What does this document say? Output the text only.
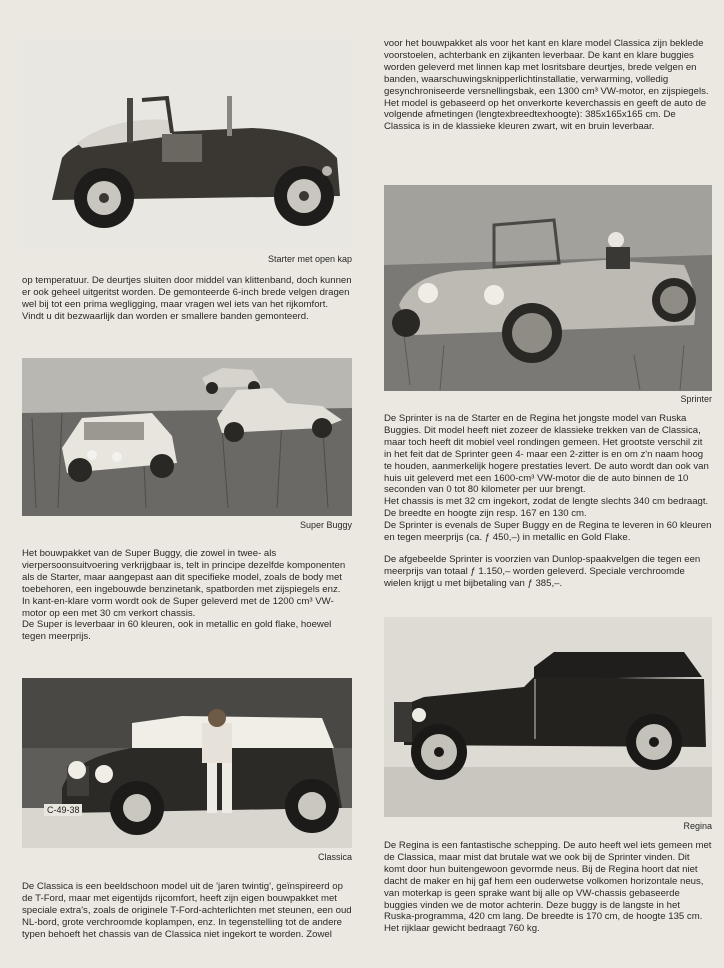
Starter met open kap

op temperatuur. De deurtjes sluiten door middel van klittenband, doch kunnen er ook geheel uitgeritst worden. De gemonteerde 6-inch brede velgen dragen wel bij tot een prima wegligging, maar vragen wel iets van het rijkomfort. Vindt u dit bezwaarlijk dan worden er smallere banden gemonteerd.

Super Buggy

Het bouwpakket van de Super Buggy, die zowel in twee- als vierpersoonsuitvoering verkrijgbaar is, telt in principe dezelfde komponenten als de Starter, maar aangepast aan dit specifieke model, zoals de body met toebehoren, een ingebouwde benzinetank, spatborden met zijspiegels enz.

In kant-en-klare vorm wordt ook de Super geleverd met de 1200 cm³ VW-motor op een met 30 cm verkort chassis.

De Super is leverbaar in 60 kleuren, ook in metallic en gold flake, hoewel tegen meerprijs.

C-49-38
Classica

De Classica is een beeldschoon model uit de 'jaren twintig', geïnspireerd op de T-Ford, maar met eigentijds rijcomfort, heeft zijn eigen bouwpakket met speciale extra's, zoals de originele T-Ford-achterlichten met steunen, een oud NL-bord, grote verchroomde koplampen, enz. In tegenstelling tot de andere typen behoeft het chassis van de Classica niet ingekort te worden. Zowel

voor het bouwpakket als voor het kant en klare model Classica zijn beklede voorstoelen, achterbank en zijkanten leverbaar. De kant en klare buggies worden geleverd met linnen kap met losritsbare deurtjes, brede velgen en banden, waarschuwingsknipperlichtinstallatie, verwarming, volledig gesynchroniseerde versnellingsbak, een 1300 cm³ VW-motor, en zijspiegels.

Het model is gebaseerd op het onverkorte keverchassis en geeft de auto de volgende afmetingen (lengtexbreedtexhoogte): 385x165x165 cm. De Classica is in de klassieke kleuren zwart, wit en bruin leverbaar.

Sprinter

De Sprinter is na de Starter en de Regina het jongste model van Ruska Buggies. Dit model heeft niet zozeer de klassieke trekken van de Classica, maar toch heeft dit mobiel veel rondingen gemeen. Het grootste verschil zit in het feit dat de Sprinter geen 4- maar een 2-zitter is en om z'n naam hoog te houden, aanmerkelijk hogere prestaties levert. De auto wordt dan ook van huis uit geleverd met een 1600-cm³ VW-motor die de auto binnen de 10 seconden van 0 tot 80 kilometer per uur brengt.

Het chassis is met 32 cm ingekort, zodat de lengte slechts 340 cm bedraagt. De breedte en hoogte zijn resp. 167 en 130 cm.

De Sprinter is evenals de Super Buggy en de Regina te leveren in 60 kleuren en tegen meerprijs (ca. ƒ 450,–) in metallic en Gold Flake.

De afgebeelde Sprinter is voorzien van Dunlop-spaakvelgen die tegen een meerprijs van totaal ƒ 1.150,– worden geleverd. Speciale verchroomde wielen krijgt u met bijbetaling van ƒ 385,–.

Regina

De Regina is een fantastische schepping. De auto heeft wel iets gemeen met de Classica, maar mist dat brutale wat we ook bij de Sprinter vinden. Dit komt door hun buitengewoon gevormde neus. Bij de Regina hoort dat niet dacht de maker en hij gaf hem een ouderwetse volkomen horizontale neus, van moterkap is geen sprake want bij alle op VW-chassis gebaseerde buggies vinden we de motor achterin. Deze buggy is de langste in het Ruska-programma, 420 cm lang. De breedte is 170 cm, de hoogte 135 cm. Het rijklaar gewicht bedraagt 760 kg.
